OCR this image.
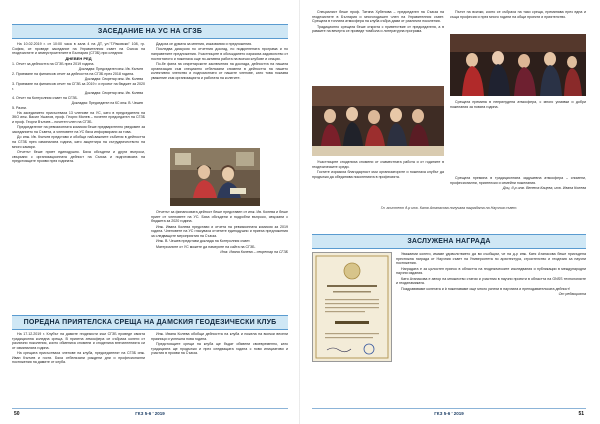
ЗАСЕДАНИЕ НА УС НА СГЗБ

На 10.02.2019 г. от 10:00 часа в зала 4 на ДТ, ул."Г.Раковски" 108, гр. София, се проведе заседание на Управителния съвет на Съюза на геодезистите и земеустроителите в България (СГЗБ) при следния:

ДНЕВЕН РЕД
1. Отчет за дейността на СГЗБ през 2019 година.
Докладва: Председател инж. Ив. Кънчев
2. Приемане на финансов отчет за дейността на СГЗБ през 2018 година.
Докладва: Секретар инж. Ив. Колева
3. Приемане на финансов отчет на СГЗБ за 2019 г. и проект на бюджет за 2020 г.
Докладва: Секретар инж. Ив. Колева
4. Отчет на Контролния съвет на СГЗБ.
Докладва: Председател на КС инж. В. Чешев
5. Разни.

На заседанието присъстваха 13 членове на УС, като в председателя на ЗКО инж. Васил Ушанов, проф. Георги Милев – почетен председател на СГЗБ и проф. Георги Вълчев – почетен член на СГЗБ.

Председателят на ревизионната комисия беше предварително уведомен за заседанието на Съвета, а членовете на УС бяха информирани за това.

До инж. Ив. Кънчев представи и обобщи най-важните събития в дейността на СГЗБ през изминалата година, като акцентира на сътрудничеството на много камари.

Отчетът беше приет единодушно. Бяха обсъдени и други въпроси, свързани с организационната дейност на Съюза и подготовката на предстоящите прояви през годината.

Дадоха се думата за мнения, изказвания и предложения.

Последва дискусия по отчетния доклад, по подкрепената програма и по направените предложения. Участниците в обсъждането изразиха задоволство от постигнатото и пожелаха още по-активна работа на всички клубове и секции.

По-бе фина на секретарските заключения на доклада, дейността на нашата организация съм специално отбелязани спомени в дейността на нашето колективно членство и подпомогнати от нашите членове, като това показва уважение към организацията и работата на колегите.

Отчетът за финансовата дейност беше представен от инж. Ив. Колева и беше приет от членовете на УС. Бяха обсъдени и подробни въпроси, свързани с бюджета за 2020 година.

Инж. Ивана Колева представи и отчета на ревизионната комисия за 2019 година. Членовете на УС гласуваха отчетите единодушно и приеха предложения за следващите мероприятия на Съюза.

Инж. В. Чешев представи доклада на Контролния съвет.

Материалите от УС можете да намерите на сайта на СГЗБ.

Инж. Ивана Колева – секретар на СГЗБ
ПОРЕДНА ПРИЯТЕЛСКА СРЕЩА НА ДАМСКИЯ ГЕОДЕЗИЧЕСКИ КЛУБ

На 17.12.2019 г. Клубът на дамите геодезисти към СГЗБ проведе своята традиционна коледна среща. В приятна атмосфера се събраха колеги от различни поколения, които обмениха спомени и споделиха впечатленията си от изминалата година.

На срещата присъстваха членове на клуба, председателят на СГЗБ инж. Иван Кънчев и гости. Бяха отбелязани рождени дни и професионални постижения на дамите от клуба.

Инж. Ивана Колева обобщи дейността на клуба и пожела на всички весели празници и успешна нова година.

Предстоящите срещи на клуба ще бъдат обявени своевременно, като традицията ще продължи и през следващата година с нови инициативи и участия в прояви на Съюза.

50	ГКЗ 5-6 ' 2019

Специалист беше проф. Татяна Хубенова – председател на Съюза на геодезистите в България и многогодишен член на Управителния съвет. Срещата в топлата атмосфера на клуба събра дами от различни поколения.

Традиционно срещата беше открита с приветствие от председателя, а в рамките на вечерта се проведе томбола и литературна програма.

Участниците споделиха спомени от съвместната работа и от годините в геодезическите среди.

Гостите изразиха благодарност към организаторите и пожелаха клубът да продължи да обединява поколенията в професията.

Пътят на всички, които се събраха на тази среща, преминава през една и съща професия и през много години на общи проекти и приятелство.

Срещата премина в непринудена атмосфера, с много усмивки и добри пожелания за новата година.

Срещата премина в традиционната задушевна атмосфера – спомени, професионални, приятелски и семейни пожелания.

Доц. д-р инж. Венета Кацева, инж. Ивана Колева
Гл. асистент д-р инж. Катя Атанасова получава наградата на Научния съвет.
ЗАСЛУЖЕНА НАГРАДА

Уважаеми колеги, имаме удоволствието да ви съобщим, че на д-р инж. Катя Атанасова беше присъдена престижна награда от Научния съвет на Университета по архитектура, строителство и геодезия за научни постижения.

Наградата е за цялостен принос в областта на геодезическите изследвания и публикации в международни научни издания.

Катя Атанасова е автор на множество статии и участник в научни проекти в областта на GNSS технологиите и геодинамиката.

Поздравяваме колегата и ѝ пожелаваме още много успехи в научната и преподавателската дейност!

От редакцията
ГКЗ 5-6 ' 2019	51
